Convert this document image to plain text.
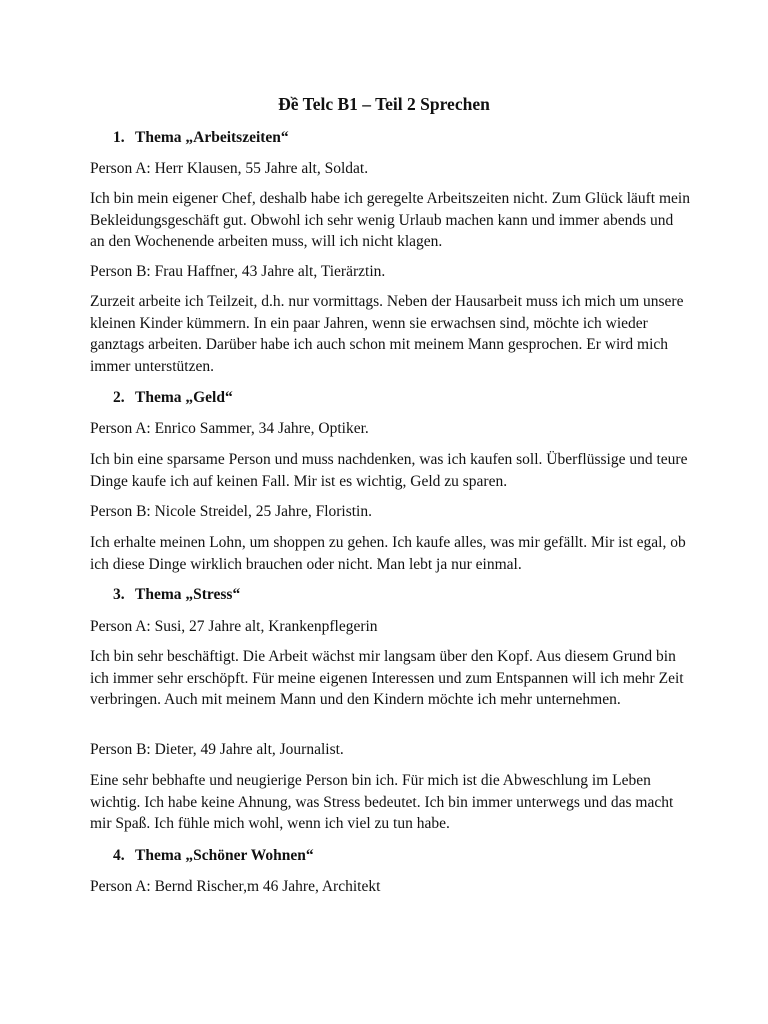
Đề Telc B1 – Teil 2 Sprechen
1. Thema „Arbeitszeiten“

Person A: Herr Klausen, 55 Jahre alt, Soldat.

Ich bin mein eigener Chef, deshalb habe ich geregelte Arbeitszeiten nicht. Zum Glück läuft mein Bekleidungsgeschäft gut. Obwohl ich sehr wenig Urlaub machen kann und immer abends und an den Wochenende arbeiten muss, will ich nicht klagen.

Person B: Frau Haffner, 43 Jahre alt, Tierärztin.

Zurzeit arbeite ich Teilzeit, d.h. nur vormittags. Neben der Hausarbeit muss ich mich um unsere kleinen Kinder kümmern. In ein paar Jahren, wenn sie erwachsen sind, möchte ich wieder ganztags arbeiten. Darüber habe ich auch schon mit meinem Mann gesprochen. Er wird mich immer unterstützen.

2. Thema „Geld“

Person A: Enrico Sammer, 34 Jahre, Optiker.

Ich bin eine sparsame Person und muss nachdenken, was ich kaufen soll. Überflüssige und teure Dinge kaufe ich auf keinen Fall. Mir ist es wichtig, Geld zu sparen.

Person B: Nicole Streidel, 25 Jahre, Floristin.

Ich erhalte meinen Lohn, um shoppen zu gehen. Ich kaufe alles, was mir gefällt. Mir ist egal, ob ich diese Dinge wirklich brauchen oder nicht. Man lebt ja nur einmal.

3. Thema „Stress“

Person A: Susi, 27 Jahre alt, Krankenpflegerin

Ich bin sehr beschäftigt. Die Arbeit wächst mir langsam über den Kopf. Aus diesem Grund bin ich immer sehr erschöpft. Für meine eigenen Interessen und zum Entspannen will ich mehr Zeit verbringen. Auch mit meinem Mann und den Kindern möchte ich mehr unternehmen.

Person B: Dieter, 49 Jahre alt, Journalist.

Eine sehr bebhafte und neugierige Person bin ich. Für mich ist die Abweschlung im Leben wichtig. Ich habe keine Ahnung, was Stress bedeutet. Ich bin immer unterwegs und das macht mir Spaß. Ich fühle mich wohl, wenn ich viel zu tun habe.

4. Thema „Schöner Wohnen“

Person A: Bernd Rischer,m 46 Jahre, Architekt
